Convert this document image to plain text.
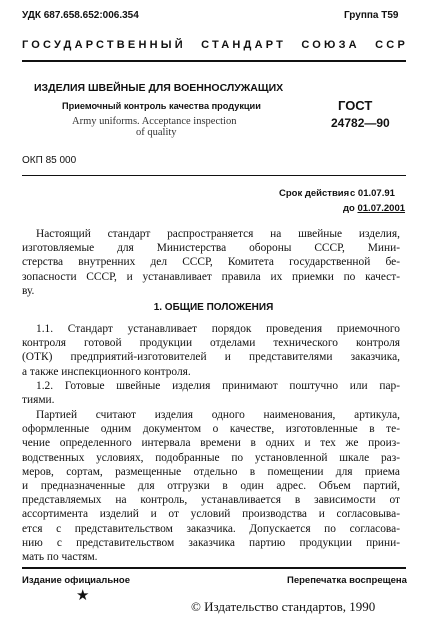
УДК 687.658.652:006.354	Группа Т59
ГОСУДАРСТВЕННЫЙ СТАНДАРТ СОЮЗА ССР
ИЗДЕЛИЯ ШВЕЙНЫЕ ДЛЯ ВОЕННОСЛУЖАЩИХ
Приемочный контроль качества продукции
Army uniforms. Acceptance inspection
of quality
ГОСТ
24782—90
ОКП 85 000
Срок действия с 01.07.91
до 01.07.2001
Настоящий стандарт распространяется на швейные изделия,
изготовляемые для Министерства обороны СССР, Мини-
стерства внутренних дел СССР, Комитета государственной бе-
зопасности СССР, и устанавливает правила их приемки по качест-
ву.
1. ОБЩИЕ ПОЛОЖЕНИЯ
1.1. Стандарт устанавливает порядок проведения приемочного
контроля готовой продукции отделами технического контроля
(ОТК) предприятий-изготовителей и представителями заказчика,
а также инспекционного контроля.
1.2. Готовые швейные изделия принимают поштучно или пар-
тиями.
Партией считают изделия одного наименования, артикула,
оформленные одним документом о качестве, изготовленные в те-
чение определенного интервала времени в одних и тех же произ-
водственных условиях, подобранные по установленной шкале раз-
меров, сортам, размещенные отдельно в помещении для приема
и предназначенные для отгрузки в один адрес. Объем партий,
представляемых на контроль, устанавливается в зависимости от
ассортимента изделий и от условий производства и согласовыва-
ется с представительством заказчика. Допускается по согласова-
нию с представительством заказчика партию продукции прини-
мать по частям.
Издание официальное	Перепечатка воспрещена
★
© Издательство стандартов, 1990
